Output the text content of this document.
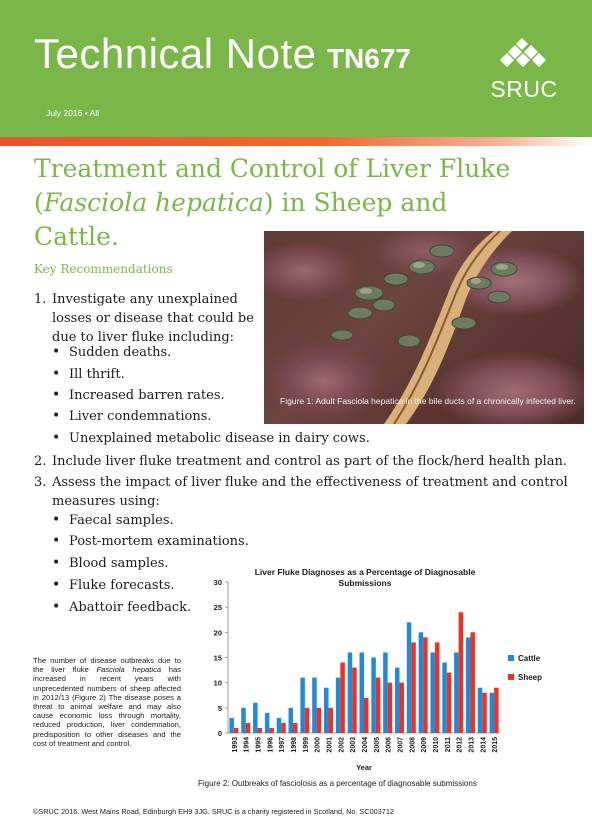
Technical Note TN677
July 2016 • All
SRUC
Treatment and Control of Liver Fluke
(Fasciola hepatica) in Sheep and
Cattle.
Key Recommendations
Figure 1: Adult Fasciola hepatica in the bile ducts of a chronically infected liver.
1. Investigate any unexplained
losses or disease that could be
due to liver fluke including:
• Sudden deaths.
• Ill thrift.
• Increased barren rates.
• Liver condemnations.
• Unexplained metabolic disease in dairy cows.
2. Include liver fluke treatment and control as part of the flock/herd health plan.
3. Assess the impact of liver fluke and the effectiveness of treatment and control
measures using:
• Faecal samples.
• Post-mortem examinations.
• Blood samples.
• Fluke forecasts.
• Abattoir feedback.
The number of disease outbreaks due to the liver fluke Fasciola hepatica has increased in recent years with unprecedented numbers of sheep affected in 2012/13 (Figure 2) The disease poses a threat to animal welfare and may also cause economic loss through mortality, reduced production, liver condemnation, predisposition to other diseases and the cost of treatment and control.
Liver Fluke Diagnoses as a Percentage of Diagnosable
Submissions
0
5
10
15
20
25
30
1993 1994 1995 1996 1997 1998 1999 2000 2001 2002 2003 2004 2005 2006 2007 2008 2009 2010 2011 2012 2013 2014 2015
Year
Cattle
Sheep
Figure 2: Outbreaks of fasciolosis as a percentage of diagnosable submissions
©SRUC 2016. West Mains Road, Edinburgh EH9 3JG. SRUC is a charity registered in Scotland, No. SC003712
